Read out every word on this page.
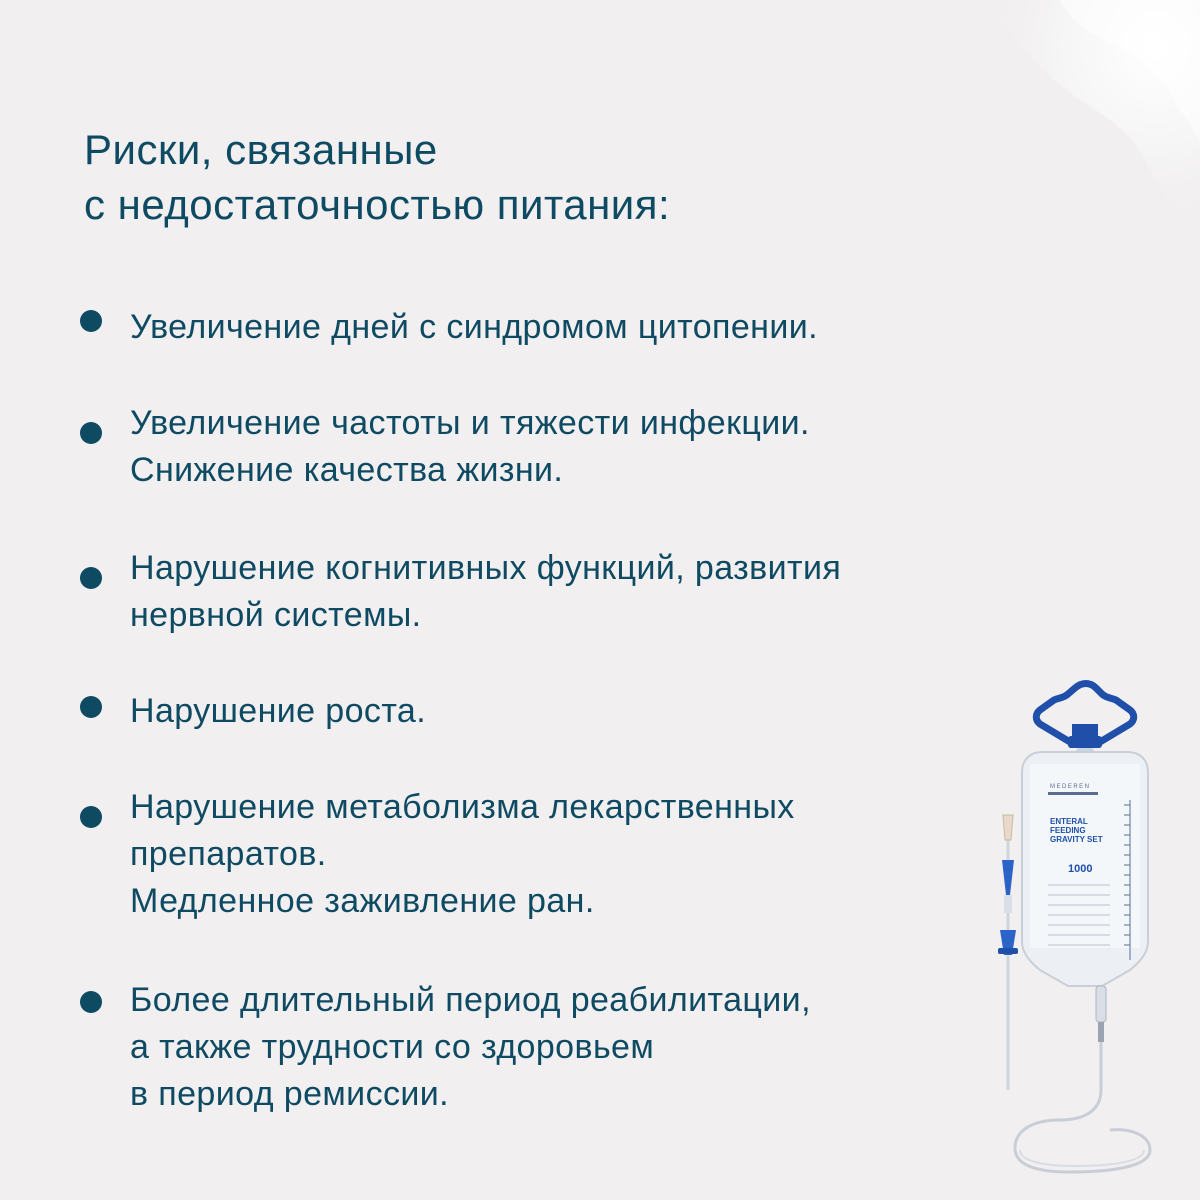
Риски, связанные
с недостаточностью питания:
Увеличение дней с синдромом цитопении.
Увеличение частоты и тяжести инфекции.
Снижение качества жизни.
Нарушение когнитивных функций, развития
нервной системы.
Нарушение роста.
Нарушение метаболизма лекарственных
препаратов.
Медленное заживление ран.
Более длительный период реабилитации,
а также трудности со здоровьем
в период ремиссии.
ENTERAL
FEEDING
GRAVITY SET
1000
MEDEREN
